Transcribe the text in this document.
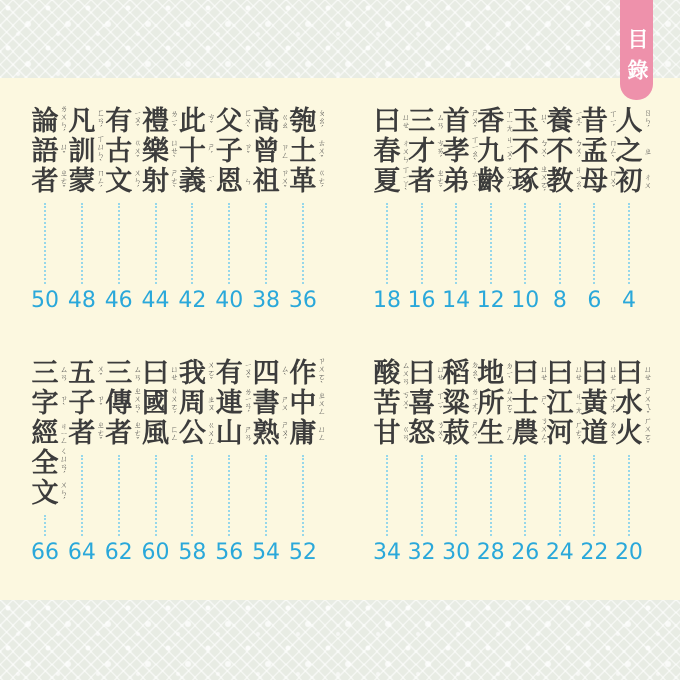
目錄
人 ㄖㄣˊ
之 ㄓ
初 ㄔㄨ
4
昔 ㄒㄧˊ
孟 ㄇㄥˋ
母 ㄇㄨˇ
6
養 ㄧㄤˇ
不 ㄅㄨˊ
教 ㄐㄧㄠˋ
8
玉 ㄩˋ
不 ㄅㄨˋ
琢 ㄓㄨㄛˊ
10
香 ㄒㄧㄤ
九 ㄐㄧㄡˇ
齡 ㄌㄧㄥˊ
12
首 ㄕㄡˇ
孝 ㄒㄧㄠˋ
弟 ㄊㄧˋ
14
三 ㄙㄢ
才 ㄘㄞˊ
者 ㄓㄜˇ
16
曰 ㄩㄝ
春 ㄔㄨㄣ
夏 ㄒㄧㄚˋ
18
匏 ㄆㄠˊ
土 ㄊㄨˇ
革 ㄍㄜˊ
36
高 ㄍㄠ
曾 ㄗㄥ
祖 ㄗㄨˇ
38
父 ㄈㄨˋ
子 ㄗˇ
恩 ㄣ
40
此 ㄘˇ
十 ㄕˊ
義 ㄧˋ
42
禮 ㄌㄧˇ
樂 ㄩㄝˋ
射 ㄕㄜˋ
44
有 ㄧㄡˇ
古 ㄍㄨˇ
文 ㄨㄣˊ
46
凡 ㄈㄢˊ
訓 ㄒㄩㄣˋ
蒙 ㄇㄥˊ
48
論 ㄌㄨㄣˊ
語 ㄩˇ
者 ㄓㄜˇ
50
曰 ㄩㄝ
水 ㄕㄨㄟˇ
火 ㄏㄨㄛˇ
20
曰 ㄩㄝ
黃 ㄏㄨㄤˊ
道 ㄉㄠˋ
22
曰 ㄩㄝ
江 ㄐㄧㄤ
河 ㄏㄜˊ
24
曰 ㄩㄝ
士 ㄕˋ
農 ㄋㄨㄥˊ
26
地 ㄉㄧˋ
所 ㄙㄨㄛˇ
生 ㄕㄥ
28
稻 ㄉㄠˋ
粱 ㄌㄧㄤˊ
菽 ㄕㄨˊ
30
曰 ㄩㄝ
喜 ㄒㄧˇ
怒 ㄋㄨˋ
32
酸 ㄙㄨㄢ
苦 ㄎㄨˇ
甘 ㄍㄢ
34
作 ㄗㄨㄛˋ
中 ㄓㄨㄥ
庸 ㄩㄥ
52
四 ㄙˋ
書 ㄕㄨ
熟 ㄕㄡˊ
54
有 ㄧㄡˇ
連 ㄌㄧㄢˊ
山 ㄕㄢ
56
我 ㄨㄛˇ
周 ㄓㄡ
公 ㄍㄨㄥ
58
曰 ㄩㄝ
國 ㄍㄨㄛˊ
風 ㄈㄥ
60
三 ㄙㄢ
傳 ㄓㄨㄢˋ
者 ㄓㄜˇ
62
五 ㄨˇ
子 ㄗˇ
者 ㄓㄜˇ
64
三 ㄙㄢ
字 ㄗˋ
經 ㄐㄧㄥ
全 ㄑㄩㄢˊ
文 ㄨㄣˊ
66
